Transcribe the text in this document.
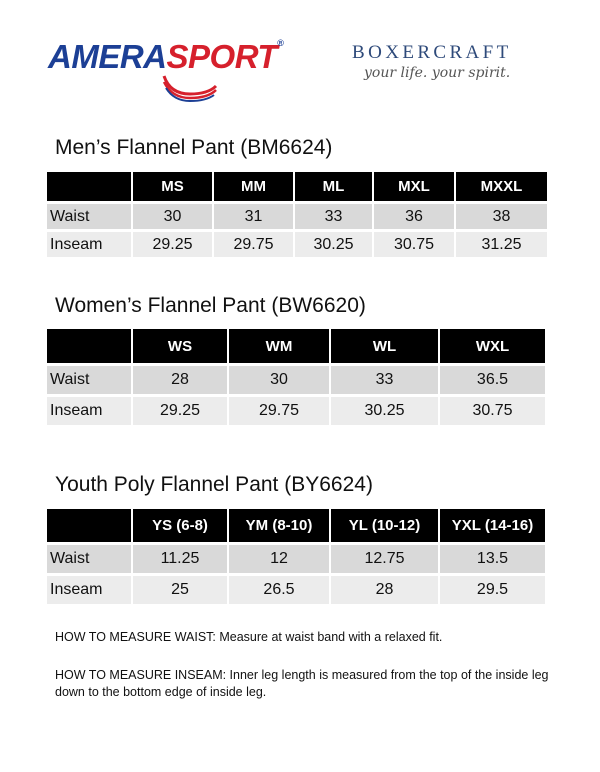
AMERASPORT®	BOXERCRAFT
your life. your spirit.
Men’s Flannel Pant (BM6624)
	MS	MM	ML	MXL	MXXL
Waist	30	31	33	36	38
Inseam	29.25	29.75	30.25	30.75	31.25
Women’s Flannel Pant (BW6620)
	WS	WM	WL	WXL
Waist	28	30	33	36.5
Inseam	29.25	29.75	30.25	30.75
Youth Poly Flannel Pant (BY6624)
	YS (6-8)	YM (8-10)	YL (10-12)	YXL (14-16)
Waist	11.25	12	12.75	13.5
Inseam	25	26.5	28	29.5
HOW TO MEASURE WAIST: Measure at waist band with a relaxed fit.
HOW TO MEASURE INSEAM: Inner leg length is measured from the top of the inside leg down to the bottom edge of inside leg.
